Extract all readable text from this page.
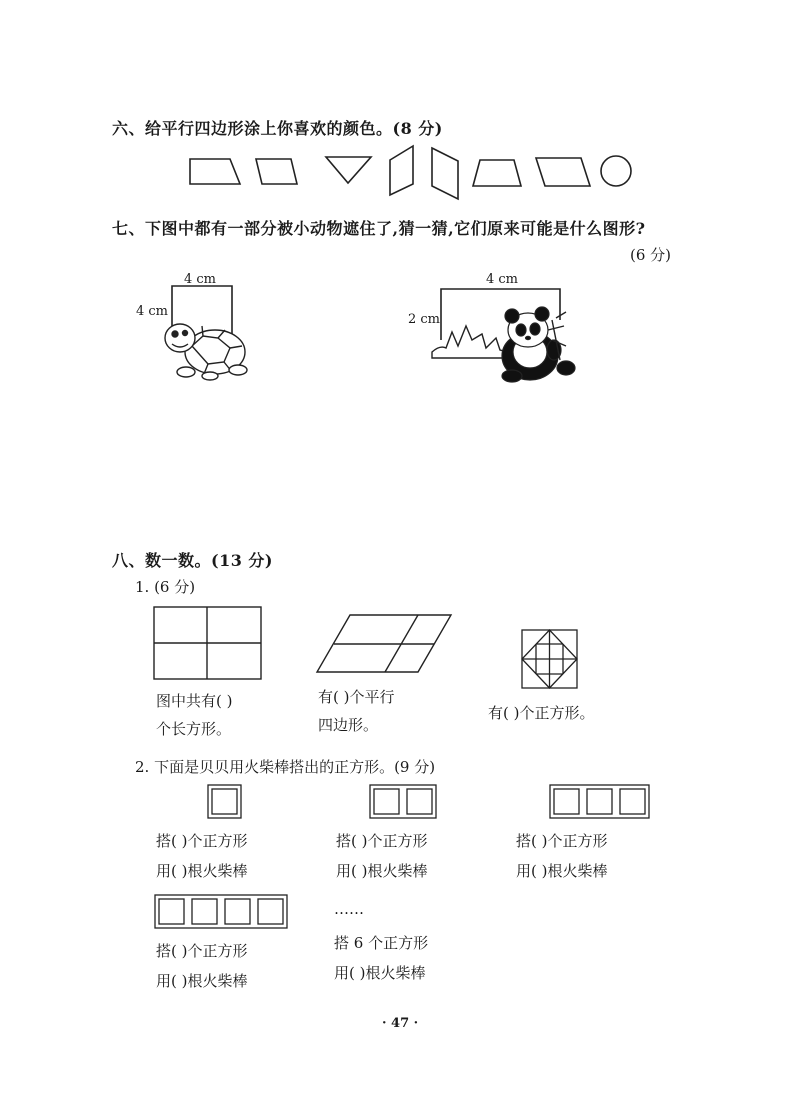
六、给平行四边形涂上你喜欢的颜色。(8 分)
七、下图中都有一部分被小动物遮住了,猜一猜,它们原来可能是什么图形?
(6 分)
4 cm
4 cm
4 cm
2 cm
八、数一数。(13 分)
1. (6 分)
图中共有( )
个长方形。
有( )个平行
四边形。
有( )个正方形。
2. 下面是贝贝用火柴棒搭出的正方形。(9 分)
搭( )个正方形
用( )根火柴棒
搭( )个正方形
用( )根火柴棒
搭( )个正方形
用( )根火柴棒
……
搭 6 个正方形
用( )根火柴棒
搭( )个正方形
用( )根火柴棒
· 47 ·
